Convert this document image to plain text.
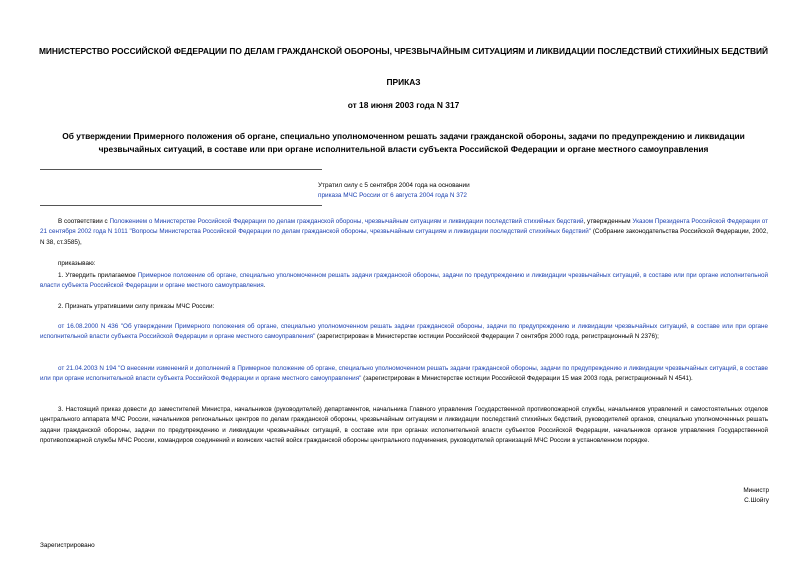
МИНИСТЕРСТВО РОССИЙСКОЙ ФЕДЕРАЦИИ ПО ДЕЛАМ ГРАЖДАНСКОЙ ОБОРОНЫ, ЧРЕЗВЫЧАЙНЫМ СИТУАЦИЯМ И ЛИКВИДАЦИИ ПОСЛЕДСТВИЙ СТИХИЙНЫХ БЕДСТВИЙ
ПРИКАЗ
от 18 июня 2003 года N 317
Об утверждении Примерного положения об органе, специально уполномоченном решать задачи гражданской обороны, задачи по предупреждению и ликвидации чрезвычайных ситуаций, в составе или при органе исполнительной власти субъекта Российской Федерации и органе местного самоуправления
Утратил силу с 5 сентября 2004 года на основании
приказа МЧС России от 6 августа 2004 года N 372
В соответствии с Положением о Министерстве Российской Федерации по делам гражданской обороны, чрезвычайным ситуациям и ликвидации последствий стихийных бедствий, утвержденным Указом Президента Российской Федерации от 21 сентября 2002 года N 1011 "Вопросы Министерства Российской Федерации по делам гражданской обороны, чрезвычайным ситуациям и ликвидации последствий стихийных бедствий" (Собрание законодательства Российской Федерации, 2002, N 38, ст.3585),
приказываю:
1. Утвердить прилагаемое Примерное положение об органе, специально уполномоченном решать задачи гражданской обороны, задачи по предупреждению и ликвидации чрезвычайных ситуаций, в составе или при органе исполнительной власти субъекта Российской Федерации и органе местного самоуправления.
2. Признать утратившими силу приказы МЧС России:
от 16.08.2000 N 436 "Об утверждении Примерного положения об органе, специально уполномоченном решать задачи гражданской обороны, задачи по предупреждению и ликвидации чрезвычайных ситуаций, в составе или при органе исполнительной власти субъекта Российской Федерации и органе местного самоуправления" (зарегистрирован в Министерстве юстиции Российской Федерации 7 сентября 2000 года, регистрационный N 2376);
от 21.04.2003 N 194 "О внесении изменений и дополнений в Примерное положение об органе, специально уполномоченном решать задачи гражданской обороны, задачи по предупреждению и ликвидации чрезвычайных ситуаций, в составе или при органе исполнительной власти субъекта Российской Федерации и органе местного самоуправления" (зарегистрирован в Министерстве юстиции Российской Федерации 15 мая 2003 года, регистрационный N 4541).
3. Настоящий приказ довести до заместителей Министра, начальников (руководителей) департаментов, начальника Главного управления Государственной противопожарной службы, начальников управлений и самостоятельных отделов центрального аппарата МЧС России, начальников региональных центров по делам гражданской обороны, чрезвычайным ситуациям и ликвидации последствий стихийных бедствий, руководителей органов, специально уполномоченных решать задачи гражданской обороны, задачи по предупреждению и ликвидации чрезвычайных ситуаций, в составе или при органах исполнительной власти субъектов Российской Федерации, начальников органов управления Государственной противопожарной службы МЧС России, командиров соединений и воинских частей войск гражданской обороны центрального подчинения, руководителей организаций МЧС России в установленном порядке.
Министр
С.Шойгу
Зарегистрировано
